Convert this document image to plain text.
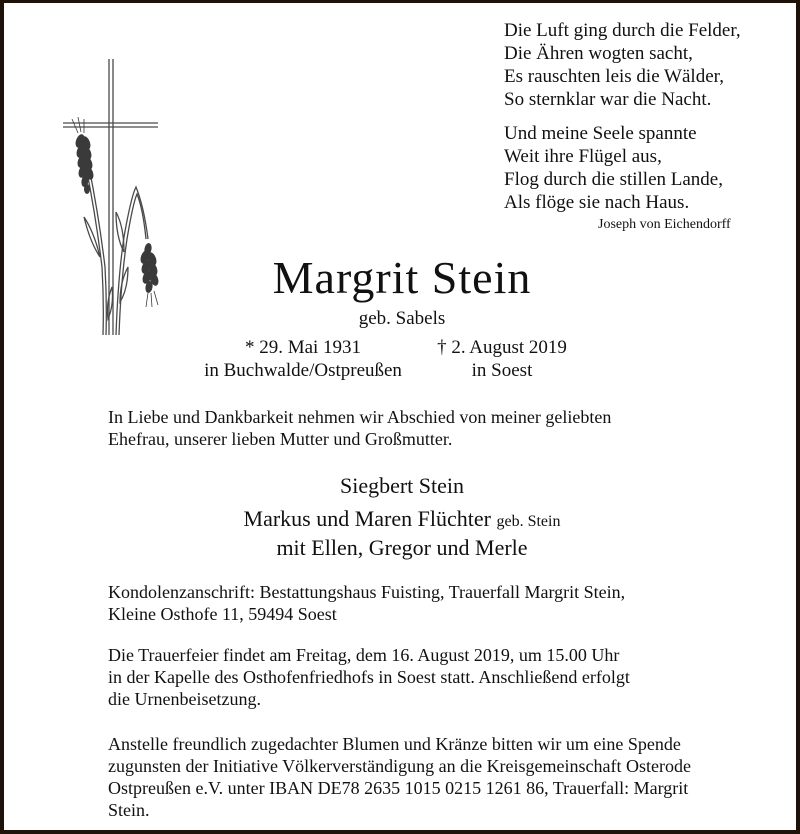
Die Luft ging durch die Felder,
Die Ähren wogten sacht,
Es rauschten leis die Wälder,
So sternklar war die Nacht.
Und meine Seele spannte
Weit ihre Flügel aus,
Flog durch die stillen Lande,
Als flöge sie nach Haus.
Joseph von Eichendorff
Margrit Stein
geb. Sabels
* 29. Mai 1931
in Buchwalde/Ostpreußen
† 2. August 2019
in Soest
In Liebe und Dankbarkeit nehmen wir Abschied von meiner geliebten
Ehefrau, unserer lieben Mutter und Großmutter.
Siegbert Stein
Markus und Maren Flüchter geb. Stein
mit Ellen, Gregor und Merle
Kondolenzanschrift: Bestattungshaus Fuisting, Trauerfall Margrit Stein,
Kleine Osthofe 11, 59494 Soest
Die Trauerfeier findet am Freitag, dem 16. August 2019, um 15.00 Uhr
in der Kapelle des Osthofenfriedhofs in Soest statt. Anschließend erfolgt
die Urnenbeisetzung.
Anstelle freundlich zugedachter Blumen und Kränze bitten wir um eine Spende
zugunsten der Initiative Völkerverständigung an die Kreisgemeinschaft Osterode
Ostpreußen e.V. unter IBAN DE78 2635 1015 0215 1261 86, Trauerfall: Margrit
Stein.
